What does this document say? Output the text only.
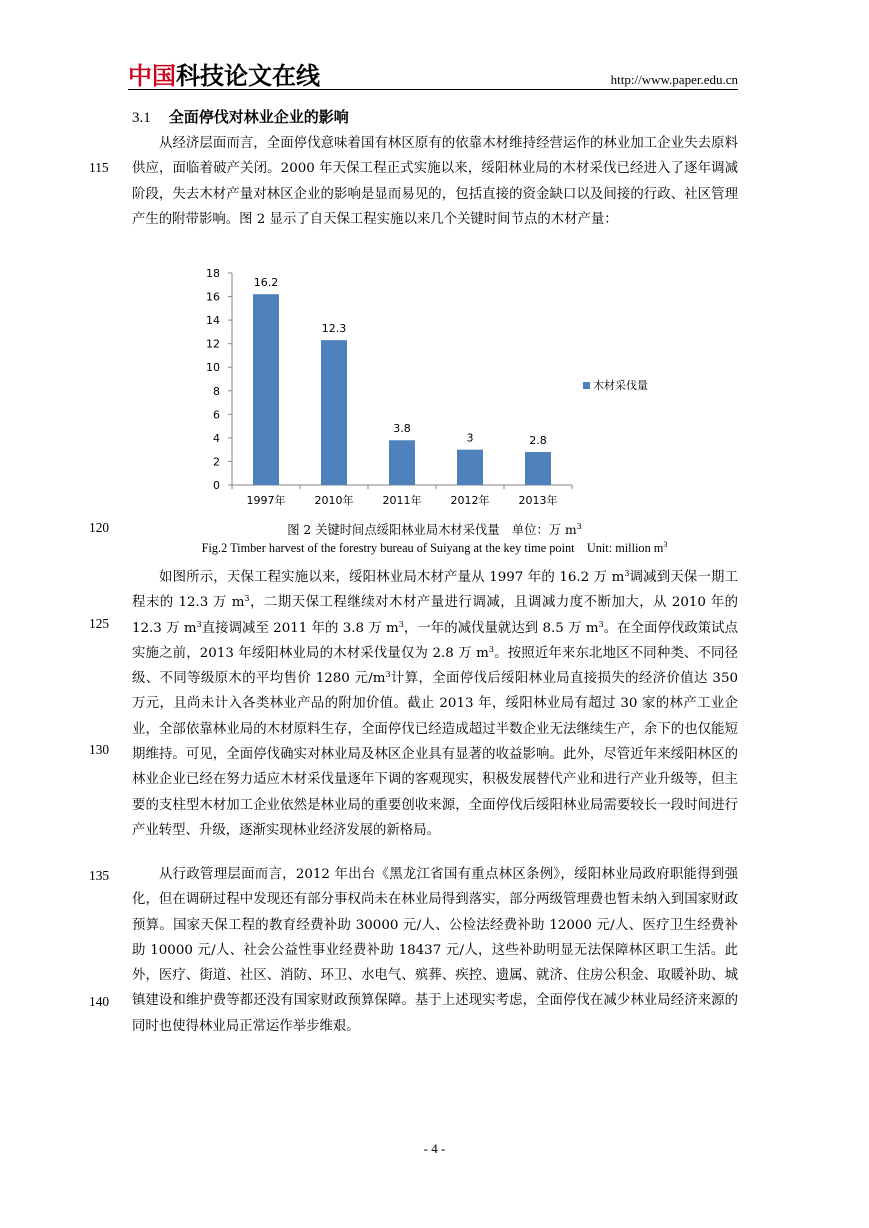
中国科技论文在线	http://www.paper.edu.cn
3.1 全面停伐对林业企业的影响

从经济层面而言，全面停伐意味着国有林区原有的依靠木材维持经营运作的林业加工企业失去原料供应，面临着破产关闭。2000 年天保工程正式实施以来，绥阳林业局的木材采伐已经进入了逐年调减阶段，失去木材产量对林区企业的影响是显而易见的，包括直接的资金缺口以及间接的行政、社区管理产生的附带影响。图 2 显示了自天保工程实施以来几个关键时间节点的木材产量：

0
2
4
6
8
10
12
14
16
18
16.2
1997年
12.3
2010年
3.8
2011年
3
2012年
2.8
2013年
木材采伐量
图 2 关键时间点绥阳林业局木材采伐量　单位：万 $m^3$
Fig.2 Timber harvest of the forestry bureau of Suiyang at the key time point　Unit: million $m^3$

如图所示，天保工程实施以来，绥阳林业局木材产量从 1997 年的 16.2 万 $m^3$调减到天保一期工程末的 12.3 万 $m^3$，二期天保工程继续对木材产量进行调减，且调减力度不断加大，从 2010 年的 12.3 万 $m^3$直接调减至 2011 年的 3.8 万 $m^3$，一年的减伐量就达到 8.5 万 $m^3$。在全面停伐政策试点实施之前，2013 年绥阳林业局的木材采伐量仅为 2.8 万 $m^3$。按照近年来东北地区不同种类、不同径级、不同等级原木的平均售价 1280 元$/m^3$计算，全面停伐后绥阳林业局直接损失的经济价值达 350 万元，且尚未计入各类林业产品的附加价值。截止 2013 年，绥阳林业局有超过 30 家的林产工业企业，全部依靠林业局的木材原料生存，全面停伐已经造成超过半数企业无法继续生产，余下的也仅能短期维持。可见，全面停伐确实对林业局及林区企业具有显著的收益影响。此外，尽管近年来绥阳林区的林业企业已经在努力适应木材采伐量逐年下调的客观现实，积极发展替代产业和进行产业升级等，但主要的支柱型木材加工企业依然是林业局的重要创收来源，全面停伐后绥阳林业局需要较长一段时间进行产业转型、升级，逐渐实现林业经济发展的新格局。

从行政管理层面而言，2012 年出台《黑龙江省国有重点林区条例》，绥阳林业局政府职能得到强化，但在调研过程中发现还有部分事权尚未在林业局得到落实，部分两级管理费也暂未纳入到国家财政预算。国家天保工程的教育经费补助 30000 元/人、公检法经费补助 12000 元/人、医疗卫生经费补助 10000 元/人、社会公益性事业经费补助 18437 元/人，这些补助明显无法保障林区职工生活。此外，医疗、街道、社区、消防、环卫、水电气、殡葬、疾控、遗属、就济、住房公积金、取暖补助、城镇建设和维护费等都还没有国家财政预算保障。基于上述现实考虑，全面停伐在减少林业局经济来源的同时也使得林业局正常运作举步维艰。

115
120
125
130
135
140
- 4 -
